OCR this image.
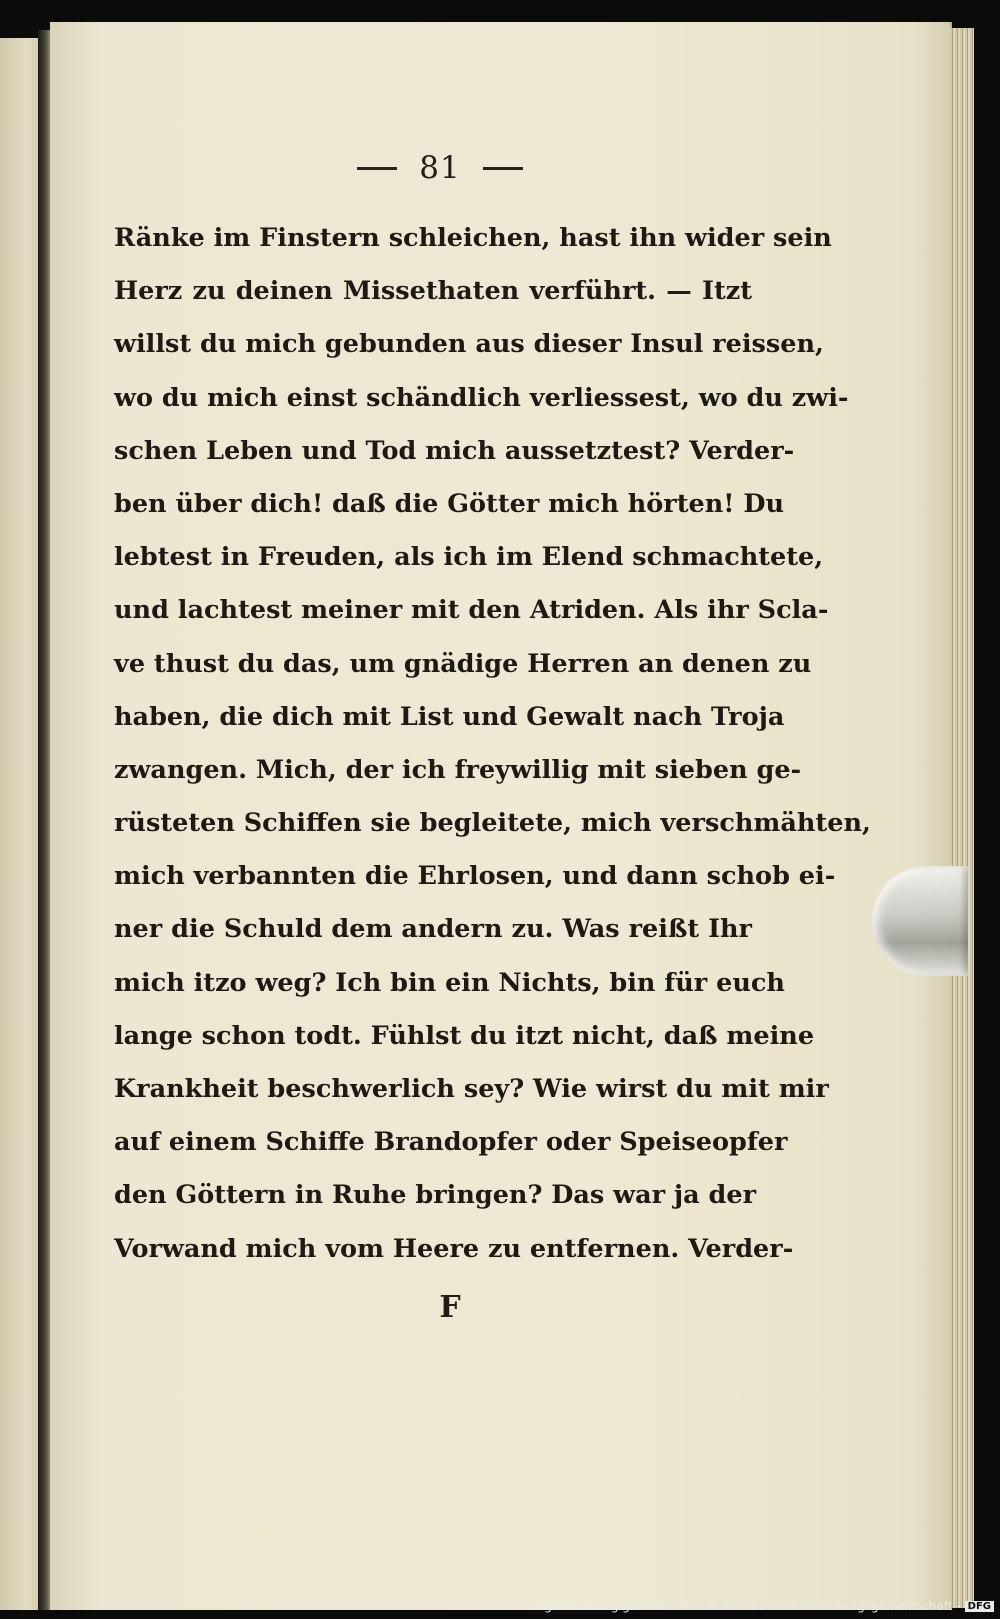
81
Ränke im Finstern schleichen, hast ihn wider sein
Herz zu deinen Missethaten verführt. — Itzt
willst du mich gebunden aus dieser Insul reissen,
wo du mich einst schändlich verliessest, wo du zwi-
schen Leben und Tod mich aussetztest? Verder-
ben über dich! daß die Götter mich hörten! Du
lebtest in Freuden, als ich im Elend schmachtete,
und lachtest meiner mit den Atriden. Als ihr Scla-
ve thust du das, um gnädige Herren an denen zu
haben, die dich mit List und Gewalt nach Troja
zwangen. Mich, der ich freywillig mit sieben ge-
rüsteten Schiffen sie begleitete, mich verschmähten,
mich verbannten die Ehrlosen, und dann schob ei-
ner die Schuld dem andern zu. Was reißt Ihr
mich itzo weg? Ich bin ein Nichts, bin für euch
lange schon todt. Fühlst du itzt nicht, daß meine
Krankheit beschwerlich sey? Wie wirst du mit mir
auf einem Schiffe Brandopfer oder Speiseopfer
den Göttern in Ruhe bringen? Das war ja der
Vorwand mich vom Heere zu entfernen. Verder-
F
Digitalisierung gefördert durch die Deutsche Forschungsgemeinschaft - DFG
